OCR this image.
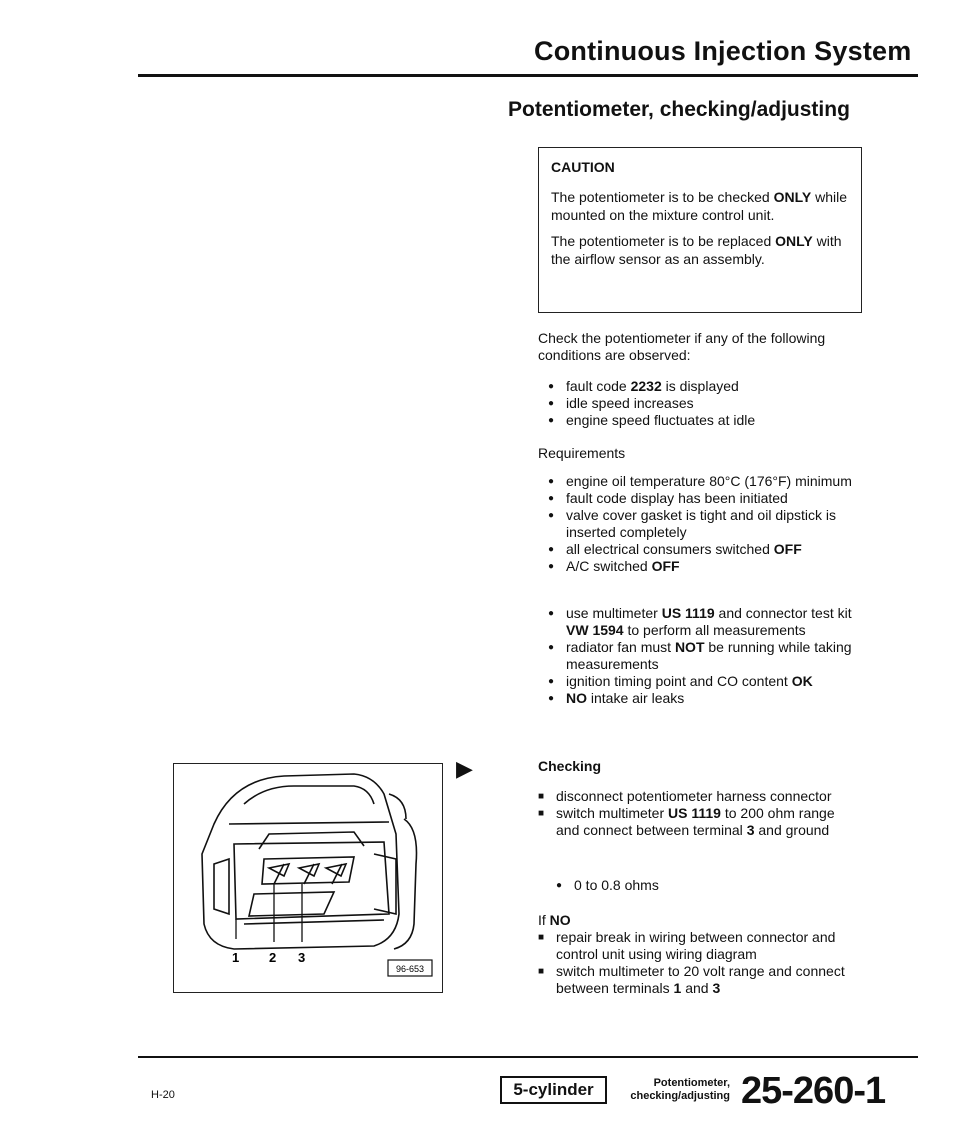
Continuous Injection System
Potentiometer, checking/adjusting
CAUTION

The potentiometer is to be checked ONLY while mounted on the mixture control unit.

The potentiometer is to be replaced ONLY with the airflow sensor as an assembly.

Check the potentiometer if any of the following conditions are observed:
● fault code 2232 is displayed
● idle speed increases
● engine speed fluctuates at idle
Requirements
● engine oil temperature 80°C (176°F) minimum
● fault code display has been initiated
● valve cover gasket is tight and oil dipstick is inserted completely
● all electrical consumers switched OFF
● A/C switched OFF
● use multimeter US 1119 and connector test kit VW 1594 to perform all measurements
● radiator fan must NOT be running while taking measurements
● ignition timing point and CO content OK
● NO intake air leaks
Checking
■ disconnect potentiometer harness connector
■ switch multimeter US 1119 to 200 ohm range and connect between terminal 3 and ground
● 0 to 0.8 ohms
If NO
■ repair break in wiring between connector and control unit using wiring diagram
■ switch multimeter to 20 volt range and connect between terminals 1 and 3
1 2 3
96-653
▶
H-20	5-cylinder	Potentiometer,
checking/adjusting 25-260-1
